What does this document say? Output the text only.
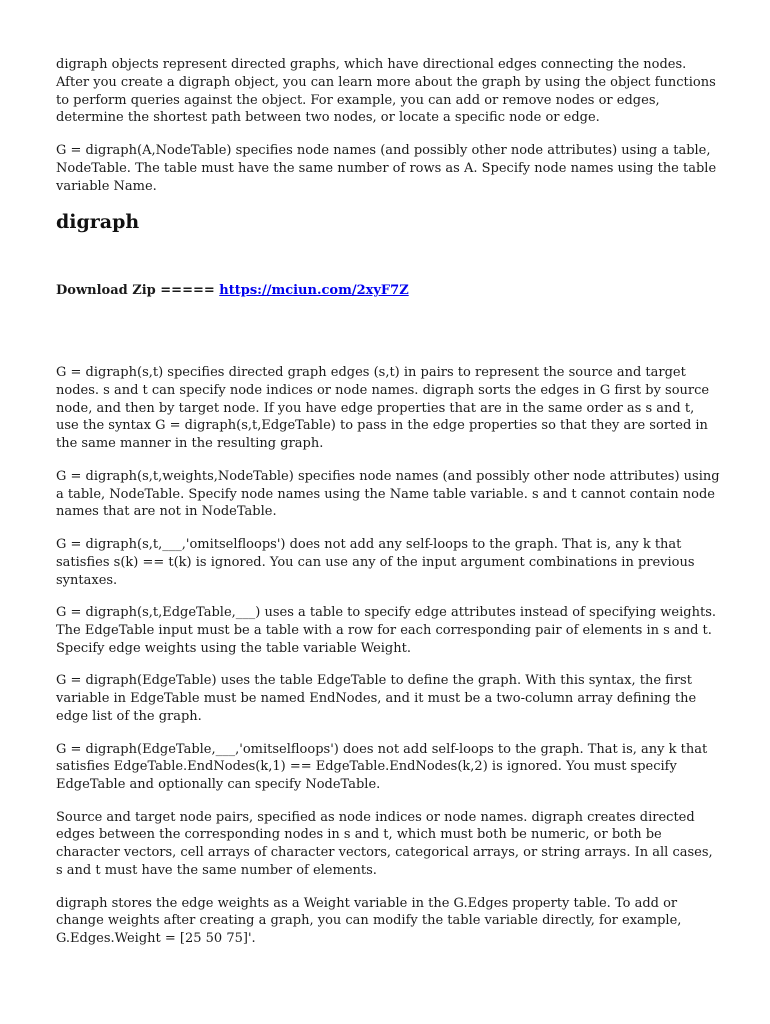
digraph objects represent directed graphs, which have directional edges connecting the nodes. After you create a digraph object, you can learn more about the graph by using the object functions to perform queries against the object. For example, you can add or remove nodes or edges, determine the shortest path between two nodes, or locate a specific node or edge.

G = digraph(A,NodeTable) specifies node names (and possibly other node attributes) using a table, NodeTable. The table must have the same number of rows as A. Specify node names using the table variable Name.

digraph
Download Zip ===== https://mciun.com/2xyF7Z

G = digraph(s,t) specifies directed graph edges (s,t) in pairs to represent the source and target nodes. s and t can specify node indices or node names. digraph sorts the edges in G first by source node, and then by target node. If you have edge properties that are in the same order as s and t, use the syntax G = digraph(s,t,EdgeTable) to pass in the edge properties so that they are sorted in the same manner in the resulting graph.

G = digraph(s,t,weights,NodeTable) specifies node names (and possibly other node attributes) using a table, NodeTable. Specify node names using the Name table variable. s and t cannot contain node names that are not in NodeTable.

G = digraph(s,t,___,'omitselfloops') does not add any self-loops to the graph. That is, any k that satisfies s(k) == t(k) is ignored. You can use any of the input argument combinations in previous syntaxes.

G = digraph(s,t,EdgeTable,___) uses a table to specify edge attributes instead of specifying weights. The EdgeTable input must be a table with a row for each corresponding pair of elements in s and t. Specify edge weights using the table variable Weight.

G = digraph(EdgeTable) uses the table EdgeTable to define the graph. With this syntax, the first variable in EdgeTable must be named EndNodes, and it must be a two-column array defining the edge list of the graph.

G = digraph(EdgeTable,___,'omitselfloops') does not add self-loops to the graph. That is, any k that satisfies EdgeTable.EndNodes(k,1) == EdgeTable.EndNodes(k,2) is ignored. You must specify EdgeTable and optionally can specify NodeTable.

Source and target node pairs, specified as node indices or node names. digraph creates directed edges between the corresponding nodes in s and t, which must both be numeric, or both be character vectors, cell arrays of character vectors, categorical arrays, or string arrays. In all cases, s and t must have the same number of elements.

digraph stores the edge weights as a Weight variable in the G.Edges property table. To add or change weights after creating a graph, you can modify the table variable directly, for example, G.Edges.Weight = [25 50 75]'.
